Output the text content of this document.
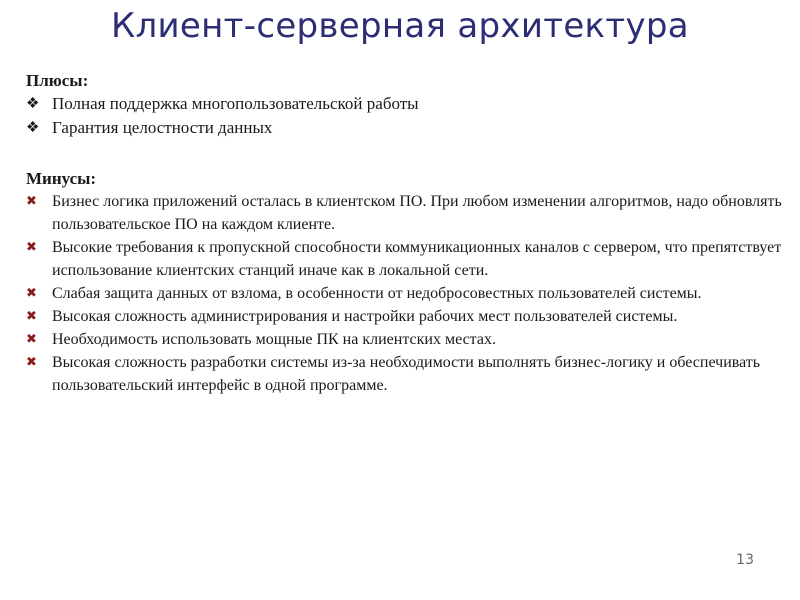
Клиент-серверная архитектура

Плюсы:

❖ Полная поддержка многопользовательской работы
❖ Гарантия целостности данных

Минусы:

✖ Бизнес логика приложений осталась в клиентском ПО. При любом изменении алгоритмов, надо обновлять пользовательское ПО на каждом клиенте.
✖ Высокие требования к пропускной способности коммуникационных каналов с сервером, что препятствует использование клиентских станций иначе как в локальной сети.
✖ Слабая защита данных от взлома, в особенности от недобросовестных пользователей системы.
✖ Высокая сложность администрирования и настройки рабочих мест пользователей системы.
✖ Необходимость использовать мощные ПК на клиентских местах.
✖ Высокая сложность разработки системы из-за необходимости выполнять бизнес-логику и обеспечивать пользовательский интерфейс в одной программе.
13
